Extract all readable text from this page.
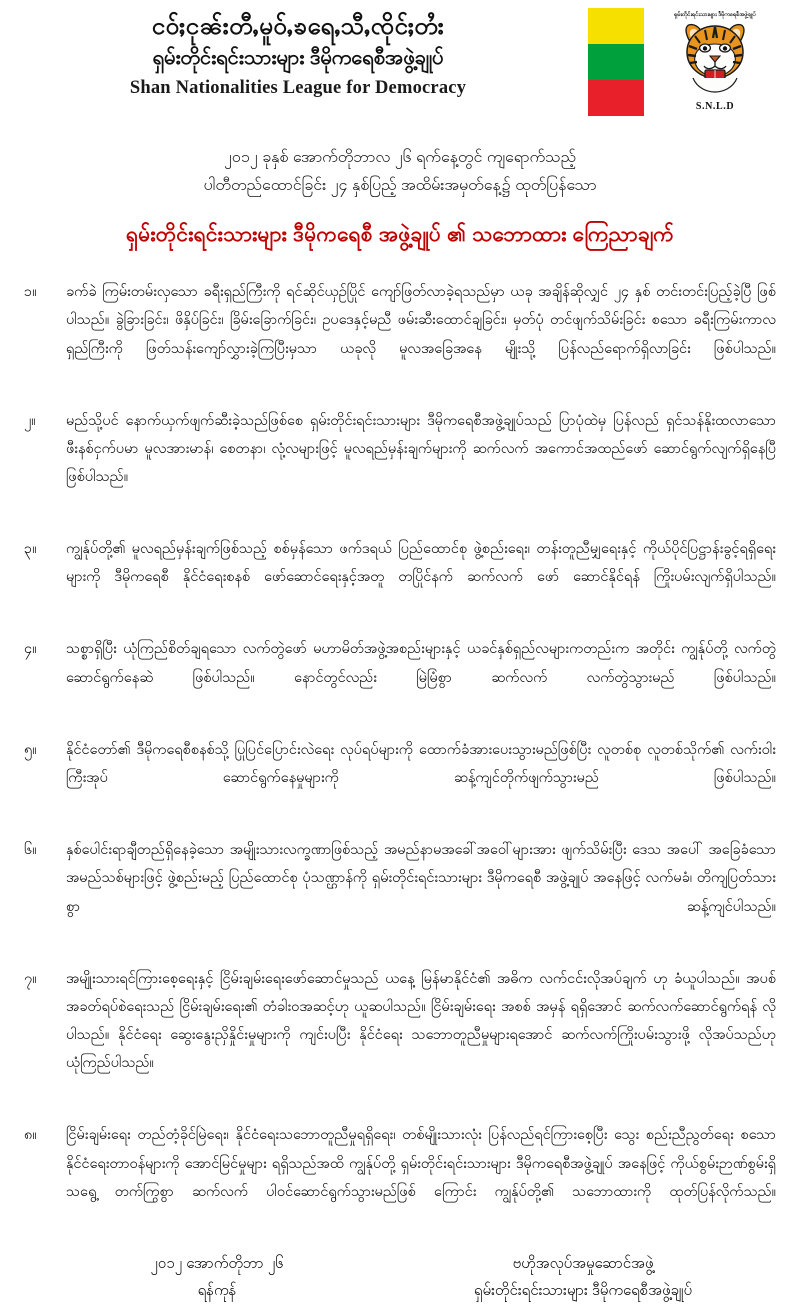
ငဝ်ႈငုၼ်းတီႇမူဝ်ႇၶရေႇသီႇၸိုင်ႈတႆး
ရှမ်းတိုင်းရင်းသားများ ဒီမိုကရေစီအဖွဲ့ချုပ်
Shan Nationalities League for Democracy
ရှမ်းတိုင်းရင်းသားများ ဒီမိုကရေစီအဖွဲ့ချုပ်
S.N.L.D
၂၀၁၂ ခုနှစ် အောက်တိုဘာလ ၂၆ ရက်နေ့တွင် ကျရောက်သည့်
ပါတီတည်ထောင်ခြင်း ၂၄ နှစ်ပြည့် အထိမ်းအမှတ်နေ့၌ ထုတ်ပြန်သော
ရှမ်းတိုင်းရင်းသားများ ဒီမိုကရေစီ အဖွဲ့ချုပ် ၏ သဘောထား ကြေညာချက်
၁။	ခက်ခဲ ကြမ်းတမ်းလှသော ခရီးရှည်ကြီးကို ရင်ဆိုင်ယှဉ်ပြိုင် ကျော်ဖြတ်လာခဲ့ရသည်မှာ ယခု အချိန်ဆိုလျှင် ၂၄ နှစ် တင်းတင်းပြည့်ခဲ့ပြီ ဖြစ်ပါသည်။ ခွဲခြားခြင်း၊ ဖိနှိပ်ခြင်း၊ ခြိမ်းခြောက်ခြင်း၊ ဥပဒေနှင့်မညီ ဖမ်းဆီးထောင်ချခြင်း၊ မှတ်ပုံ တင်ဖျက်သိမ်းခြင်း စသော ခရီးကြမ်းကာလရှည်ကြီးကို ဖြတ်သန်းကျော်လွှားခဲ့ကြပြီးမှသာ ယခုလို မူလအခြေအနေ မျိုးသို့ ပြန်လည်ရောက်ရှိလာခြင်း ဖြစ်ပါသည်။
၂။	မည်သို့ပင် နောက်ယှက်ဖျက်ဆီးခဲ့သည်ဖြစ်စေ ရှမ်းတိုင်းရင်းသားများ ဒီမိုကရေစီအဖွဲ့ချုပ်သည် ပြာပုံထဲမှ ပြန်လည် ရှင်သန်နိုးထလာသော ဖီးနစ်ငှက်ပမာ မူလအားမာန်၊ စေတနာ၊ လုံ့လများဖြင့် မူလရည်မှန်းချက်များကို ဆက်လက် အကောင်အထည်ဖော် ဆောင်ရွက်လျက်ရှိနေပြီ ဖြစ်ပါသည်။
၃။	ကျွန်ုပ်တို့၏ မူလရည်မှန်းချက်ဖြစ်သည့် စစ်မှန်သော ဖက်ဒရယ် ပြည်ထောင်စု ဖွဲ့စည်းရေး၊ တန်းတူညီမျှရေးနှင့် ကိုယ်ပိုင်ပြဋ္ဌာန်းခွင့်ရရှိရေးများကို ဒီမိုကရေစီ နိုင်ငံရေးစနစ် ဖော်ဆောင်ရေးနှင့်အတူ တပြိုင်နက် ဆက်လက် ဖော် ဆောင်နိုင်ရန် ကြိုးပမ်းလျက်ရှိပါသည်။
၄။	သစ္စာရှိပြီး ယုံကြည်စိတ်ချရသော လက်တွဲဖော် မဟာမိတ်အဖွဲ့အစည်းများနှင့် ယခင်နှစ်ရှည်လများကတည်းက အတိုင်း ကျွန်ုပ်တို့ လက်တွဲဆောင်ရွက်နေဆဲ ဖြစ်ပါသည်။ နောင်တွင်လည်း မြဲမြံစွာ ဆက်လက် လက်တွဲသွားမည် ဖြစ်ပါသည်။
၅။	နိုင်ငံတော်၏ ဒီမိုကရေစီစနစ်သို့ ပြုပြင်ပြောင်းလဲရေး လုပ်ရပ်များကို ထောက်ခံအားပေးသွားမည်ဖြစ်ပြီး လူတစ်စု လူတစ်သိုက်၏ လက်းဝါးကြီးအုပ် ဆောင်ရွက်နေမှုများကို ဆန့်ကျင်တိုက်ဖျက်သွားမည် ဖြစ်ပါသည်။
၆။	နှစ်ပေါင်းရာချီတည်ရှိနေခဲ့သော အမျိုးသားလက္ခဏာဖြစ်သည့် အမည်နာမအခေါ်အဝေါ်များအား ဖျက်သိမ်းပြီး ဒေသ အပေါ် အခြေခံသော အမည်သစ်များဖြင့် ဖွဲ့စည်းမည့် ပြည်ထောင်စု ပုံသဏ္ဌာန်ကို ရှမ်းတိုင်းရင်းသားများ ဒီမိုကရေစီ အဖွဲ့ချုပ် အနေဖြင့် လက်မခံ၊ တိကျပြတ်သားစွာ ဆန့်ကျင်ပါသည်။
၇။	အမျိုးသားရင်ကြားစေ့ရေးနှင့် ငြိမ်းချမ်းရေးဖော်ဆောင်မှုသည် ယနေ့ မြန်မာနိုင်ငံ၏ အဓိက လက်ငင်းလိုအပ်ချက် ဟု ခံယူပါသည်။ အပစ်အခတ်ရပ်စဲရေးသည် ငြိမ်းချမ်းရေး၏ တံခါးဝအဆင့်ဟု ယူဆပါသည်။ ငြိမ်းချမ်းရေး အစစ် အမှန် ရရှိအောင် ဆက်လက်ဆောင်ရွက်ရန် လိုပါသည်။ နိုင်ငံရေး ဆွေးနွေးညှိနှိုင်းမှုများကို ကျင်းပပြီး နိုင်ငံရေး သဘောတူညီမှုများရအောင် ဆက်လက်ကြိုးပမ်းသွားဖို့ လိုအပ်သည်ဟု ယုံကြည်ပါသည်။
၈။	ငြိမ်းချမ်းရေး တည်တံ့ခိုင်မြဲရေး၊ နိုင်ငံရေးသဘောတူညီမှုရရှိရေး၊ တစ်မျိုးသားလုံး ပြန်လည်ရင်ကြားစေ့ပြီး သွေး စည်းညီညွတ်ရေး စသော နိုင်ငံရေးတာဝန်များကို အောင်မြင်မှုများ ရရှိသည်အထိ ကျွန်ုပ်တို့ ရှမ်းတိုင်းရင်းသားများ ဒီမိုကရေစီအဖွဲ့ချုပ် အနေဖြင့် ကိုယ်စွမ်းဉာဏ်စွမ်းရှိသရွေ့ တက်ကြွစွာ ဆက်လက် ပါဝင်ဆောင်ရွက်သွားမည်ဖြစ် ကြောင်း ကျွန်ုပ်တို့၏ သဘောထားကို ထုတ်ပြန်လိုက်သည်။
၂၀၁၂ အောက်တိုဘာ ၂၆
ရန်ကုန်
ဗဟိုအလုပ်အမှုဆောင်အဖွဲ့
ရှမ်းတိုင်းရင်းသားများ ဒီမိုကရေစီအဖွဲ့ချုပ်
